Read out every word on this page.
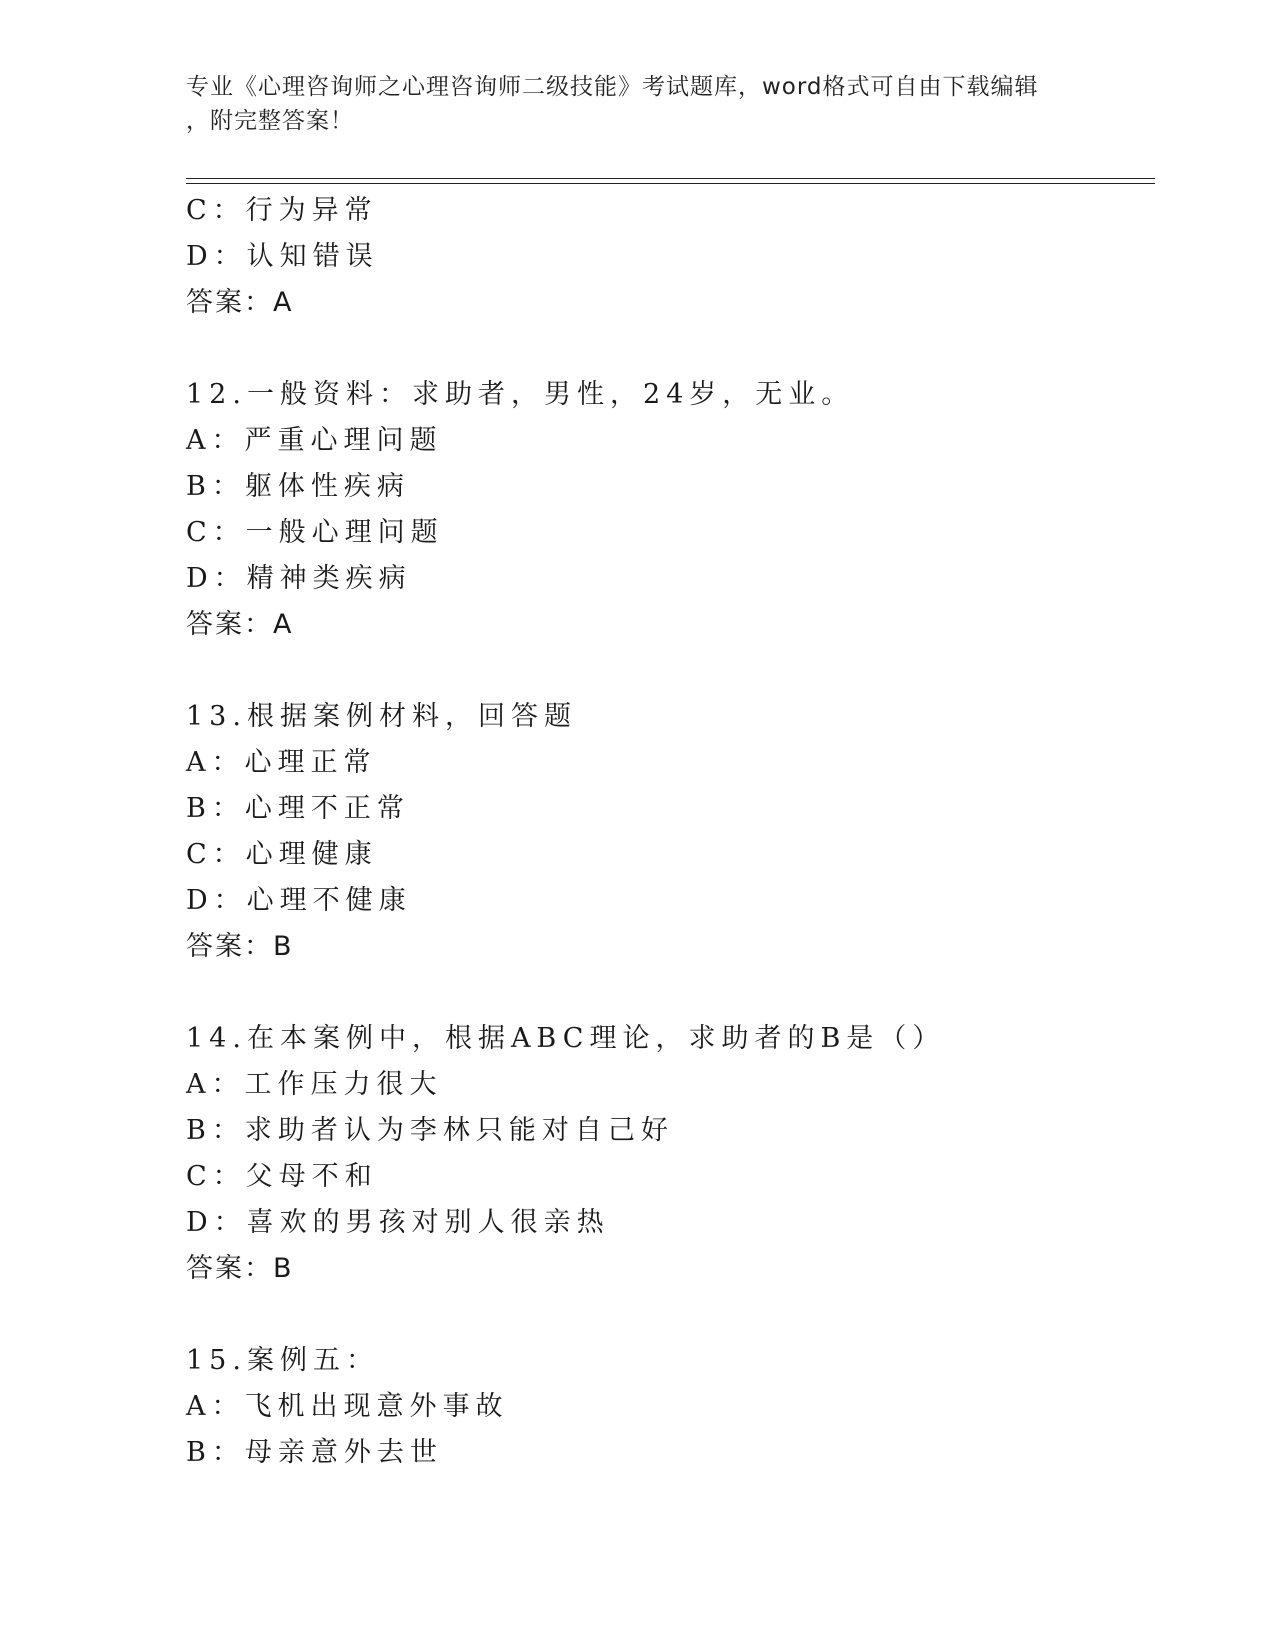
专业《心理咨询师之心理咨询师二级技能》考试题库，word格式可自由下载编辑
，附完整答案！
C：行为异常
D：认知错误
答案：A
12.一般资料：求助者，男性，24岁，无业。
A：严重心理问题
B：躯体性疾病
C：一般心理问题
D：精神类疾病
答案：A
13.根据案例材料，回答题
A：心理正常
B：心理不正常
C：心理健康
D：心理不健康
答案：B
14.在本案例中，根据ABC理论，求助者的B是（）
A：工作压力很大
B：求助者认为李林只能对自己好
C：父母不和
D：喜欢的男孩对别人很亲热
答案：B
15.案例五：
A：飞机出现意外事故
B：母亲意外去世
